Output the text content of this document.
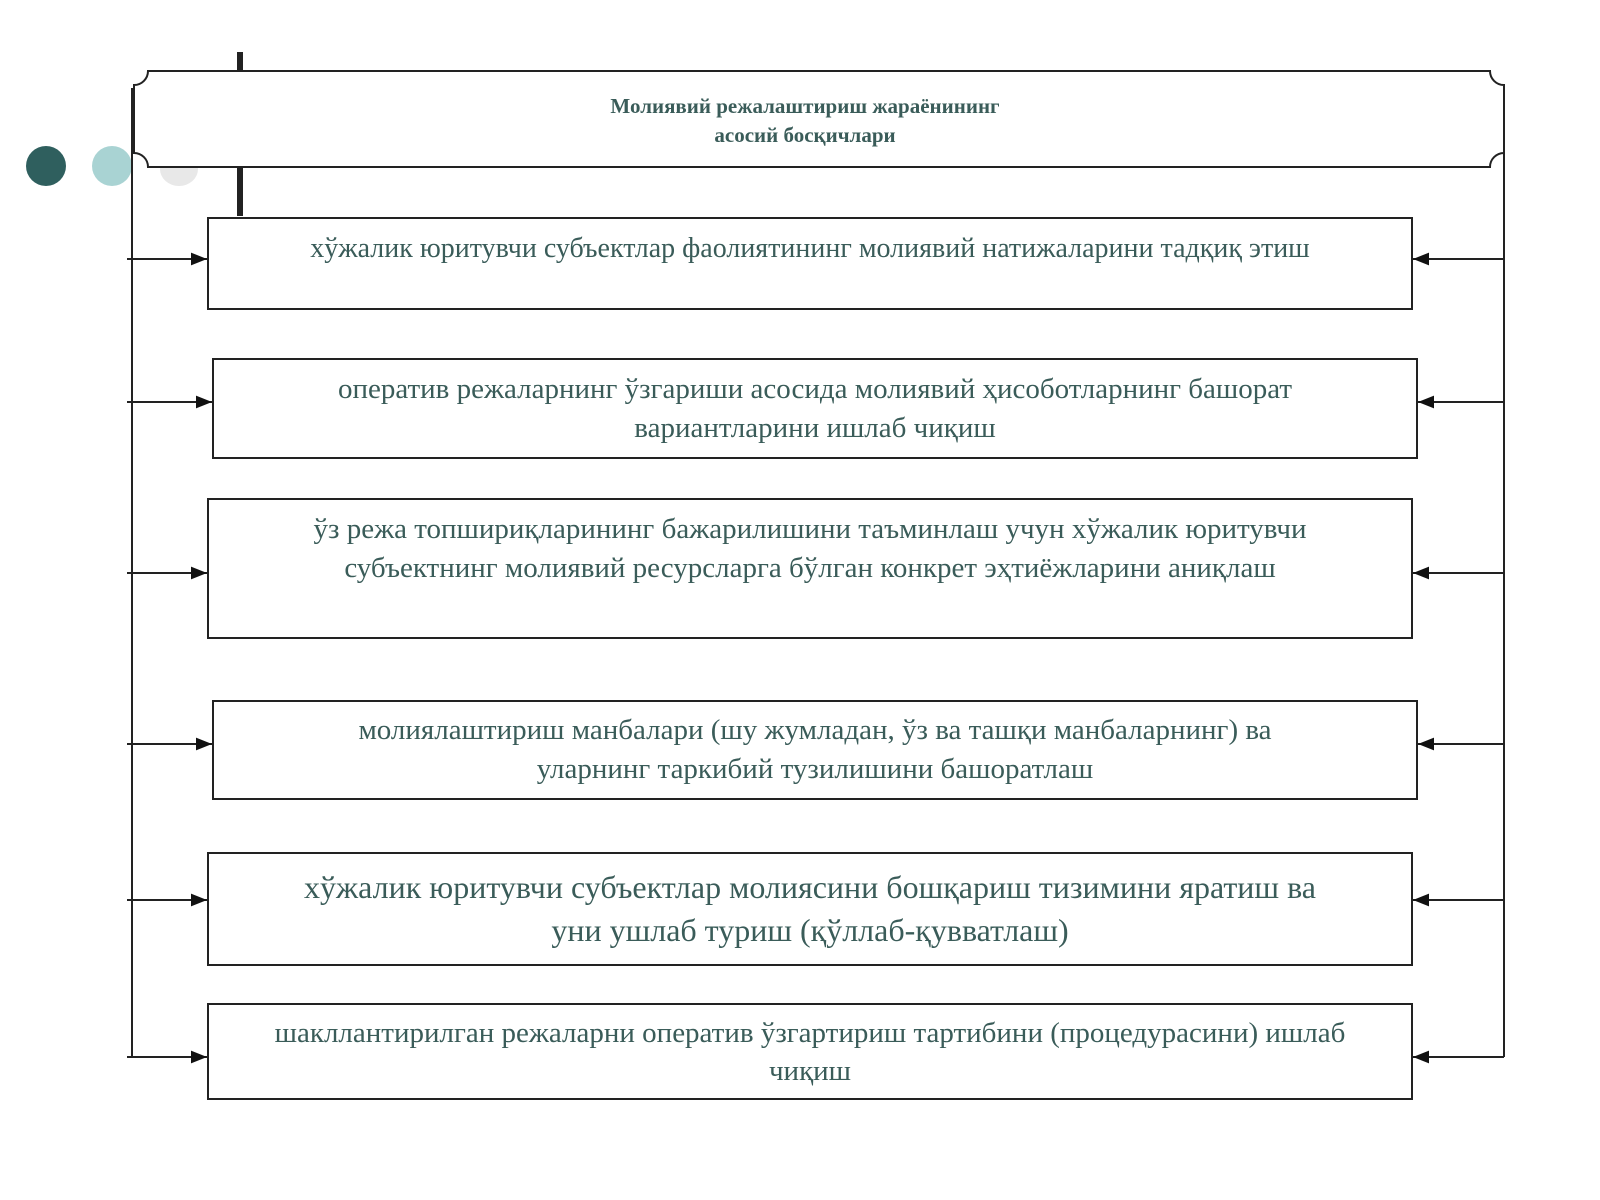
Молиявий режалаштириш жараёнининг
асосий босқичлари
хўжалик юритувчи субъектлар фаолиятининг молиявий натижаларини тадқиқ этиш
оператив режаларнинг ўзгариши асосида молиявий ҳисоботларнинг башорат
вариантларини ишлаб чиқиш
ўз режа топшириқларининг бажарилишини таъминлаш учун хўжалик юритувчи
субъектнинг молиявий ресурсларга бўлган конкрет эҳтиёжларини аниқлаш
молиялаштириш манбалари (шу жумладан, ўз ва ташқи манбаларнинг) ва
уларнинг таркибий тузилишини башоратлаш
хўжалик юритувчи субъектлар молиясини бошқариш тизимини яратиш ва
уни ушлаб туриш (қўллаб-қувватлаш)
шакллантирилган режаларни оператив ўзгартириш тартибини (процедурасини) ишлаб
чиқиш
